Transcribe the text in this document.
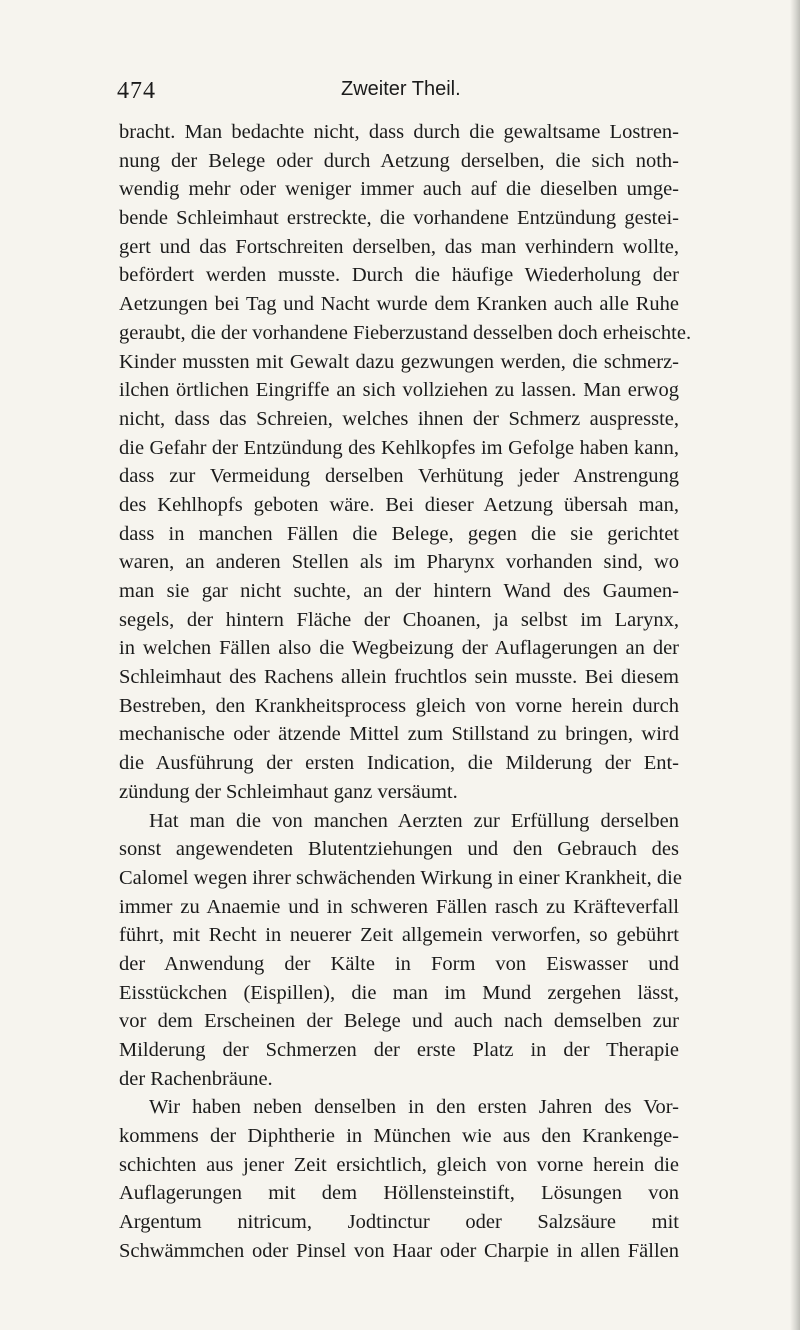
474	Zweiter Theil.
bracht. Man bedachte nicht, dass durch die gewaltsame Lostren-
nung der Belege oder durch Aetzung derselben, die sich noth-
wendig mehr oder weniger immer auch auf die dieselben umge-
bende Schleimhaut erstreckte, die vorhandene Entzündung gestei-
gert und das Fortschreiten derselben, das man verhindern wollte,
befördert werden musste. Durch die häufige Wiederholung der
Aetzungen bei Tag und Nacht wurde dem Kranken auch alle Ruhe
geraubt, die der vorhandene Fieberzustand desselben doch erheischte.
Kinder mussten mit Gewalt dazu gezwungen werden, die schmerz-
ilchen örtlichen Eingriffe an sich vollziehen zu lassen. Man erwog
nicht, dass das Schreien, welches ihnen der Schmerz auspresste,
die Gefahr der Entzündung des Kehlkopfes im Gefolge haben kann,
dass zur Vermeidung derselben Verhütung jeder Anstrengung
des Kehlhopfs geboten wäre. Bei dieser Aetzung übersah man,
dass in manchen Fällen die Belege, gegen die sie gerichtet
waren, an anderen Stellen als im Pharynx vorhanden sind, wo
man sie gar nicht suchte, an der hintern Wand des Gaumen-
segels, der hintern Fläche der Choanen, ja selbst im Larynx,
in welchen Fällen also die Wegbeizung der Auflagerungen an der
Schleimhaut des Rachens allein fruchtlos sein musste. Bei diesem
Bestreben, den Krankheitsprocess gleich von vorne herein durch
mechanische oder ätzende Mittel zum Stillstand zu bringen, wird
die Ausführung der ersten Indication, die Milderung der Ent-
zündung der Schleimhaut ganz versäumt.
Hat man die von manchen Aerzten zur Erfüllung derselben
sonst angewendeten Blutentziehungen und den Gebrauch des
Calomel wegen ihrer schwächenden Wirkung in einer Krankheit, die
immer zu Anaemie und in schweren Fällen rasch zu Kräfteverfall
führt, mit Recht in neuerer Zeit allgemein verworfen, so gebührt
der Anwendung der Kälte in Form von Eiswasser und
Eisstückchen (Eispillen), die man im Mund zergehen lässt,
vor dem Erscheinen der Belege und auch nach demselben zur
Milderung der Schmerzen der erste Platz in der Therapie
der Rachenbräune.
Wir haben neben denselben in den ersten Jahren des Vor-
kommens der Diphtherie in München wie aus den Krankenge-
schichten aus jener Zeit ersichtlich, gleich von vorne herein die
Auflagerungen mit dem Höllensteinstift, Lösungen von
Argentum nitricum, Jodtinctur oder Salzsäure mit
Schwämmchen oder Pinsel von Haar oder Charpie in allen Fällen
